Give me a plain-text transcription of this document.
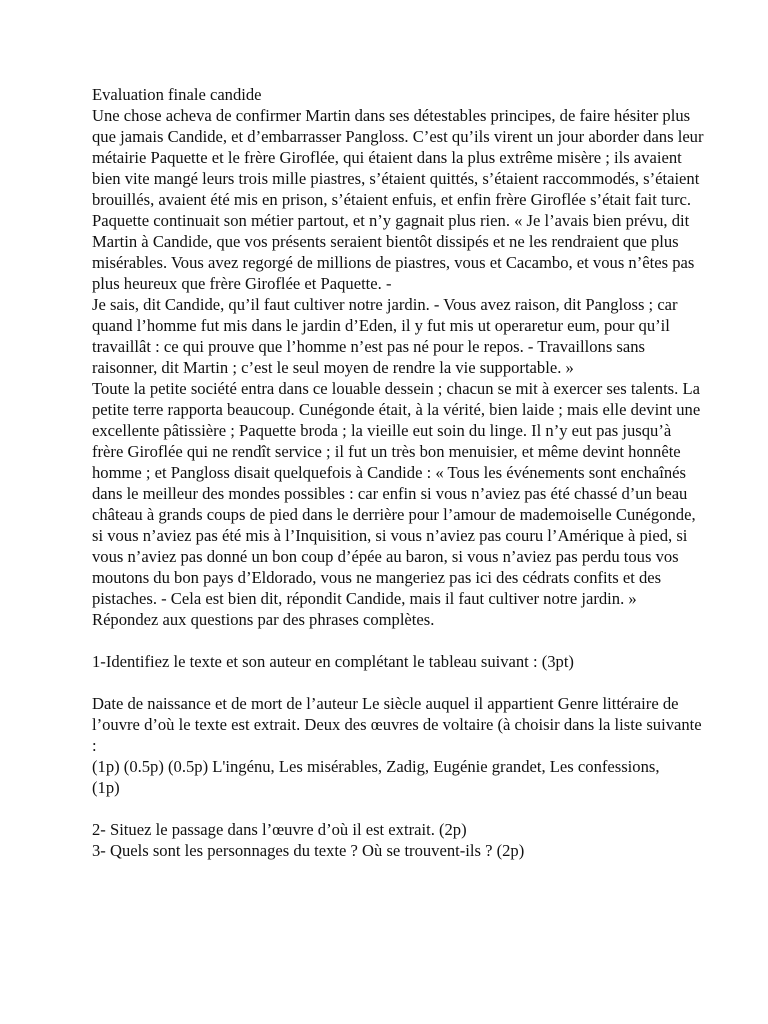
Evaluation finale candide

Une chose acheva de confirmer Martin dans ses détestables principes, de faire hésiter plus que jamais Candide, et d’embarrasser Pangloss. C’est qu’ils virent un jour aborder dans leur métairie Paquette et le frère Giroflée, qui étaient dans la plus extrême misère ; ils avaient bien vite mangé leurs trois mille piastres, s’étaient quittés, s’étaient raccommodés, s’étaient brouillés, avaient été mis en prison, s’étaient enfuis, et enfin frère Giroflée s’était fait turc. Paquette continuait son métier partout, et n’y gagnait plus rien. « Je l’avais bien prévu, dit Martin à Candide, que vos présents seraient bientôt dissipés et ne les rendraient que plus misérables. Vous avez regorgé de millions de piastres, vous et Cacambo, et vous n’êtes pas plus heureux que frère Giroflée et Paquette. -

Je sais, dit Candide, qu’il faut cultiver notre jardin. - Vous avez raison, dit Pangloss ; car quand l’homme fut mis dans le jardin d’Eden, il y fut mis ut operaretur eum, pour qu’il travaillât : ce qui prouve que l’homme n’est pas né pour le repos. - Travaillons sans raisonner, dit Martin ; c’est le seul moyen de rendre la vie supportable. »

Toute la petite société entra dans ce louable dessein ; chacun se mit à exercer ses talents. La petite terre rapporta beaucoup. Cunégonde était, à la vérité, bien laide ; mais elle devint une excellente pâtissière ; Paquette broda ; la vieille eut soin du linge. Il n’y eut pas jusqu’à frère Giroflée qui ne rendît service ; il fut un très bon menuisier, et même devint honnête homme ; et Pangloss disait quelquefois à Candide : « Tous les événements sont enchaînés dans le meilleur des mondes possibles : car enfin si vous n’aviez pas été chassé d’un beau château à grands coups de pied dans le derrière pour l’amour de mademoiselle Cunégonde, si vous n’aviez pas été mis à l’Inquisition, si vous n’aviez pas couru l’Amérique à pied, si vous n’aviez pas donné un bon coup d’épée au baron, si vous n’aviez pas perdu tous vos moutons du bon pays d’Eldorado, vous ne mangeriez pas ici des cédrats confits et des pistaches. - Cela est bien dit, répondit Candide, mais il faut cultiver notre jardin. »

Répondez aux questions par des phrases complètes.

1-Identifiez le texte et son auteur en complétant le tableau suivant : (3pt)

Date de naissance et de mort de l’auteur Le siècle auquel il appartient Genre littéraire de l’ouvre d’où le texte est extrait. Deux des œuvres de voltaire (à choisir dans la liste suivante :

(1p) (0.5p) (0.5p) L'ingénu, Les misérables, Zadig, Eugénie grandet, Les confessions,

(1p)

2- Situez le passage dans l’œuvre d’où il est extrait. (2p)

3- Quels sont les personnages du texte ? Où se trouvent-ils ? (2p)
